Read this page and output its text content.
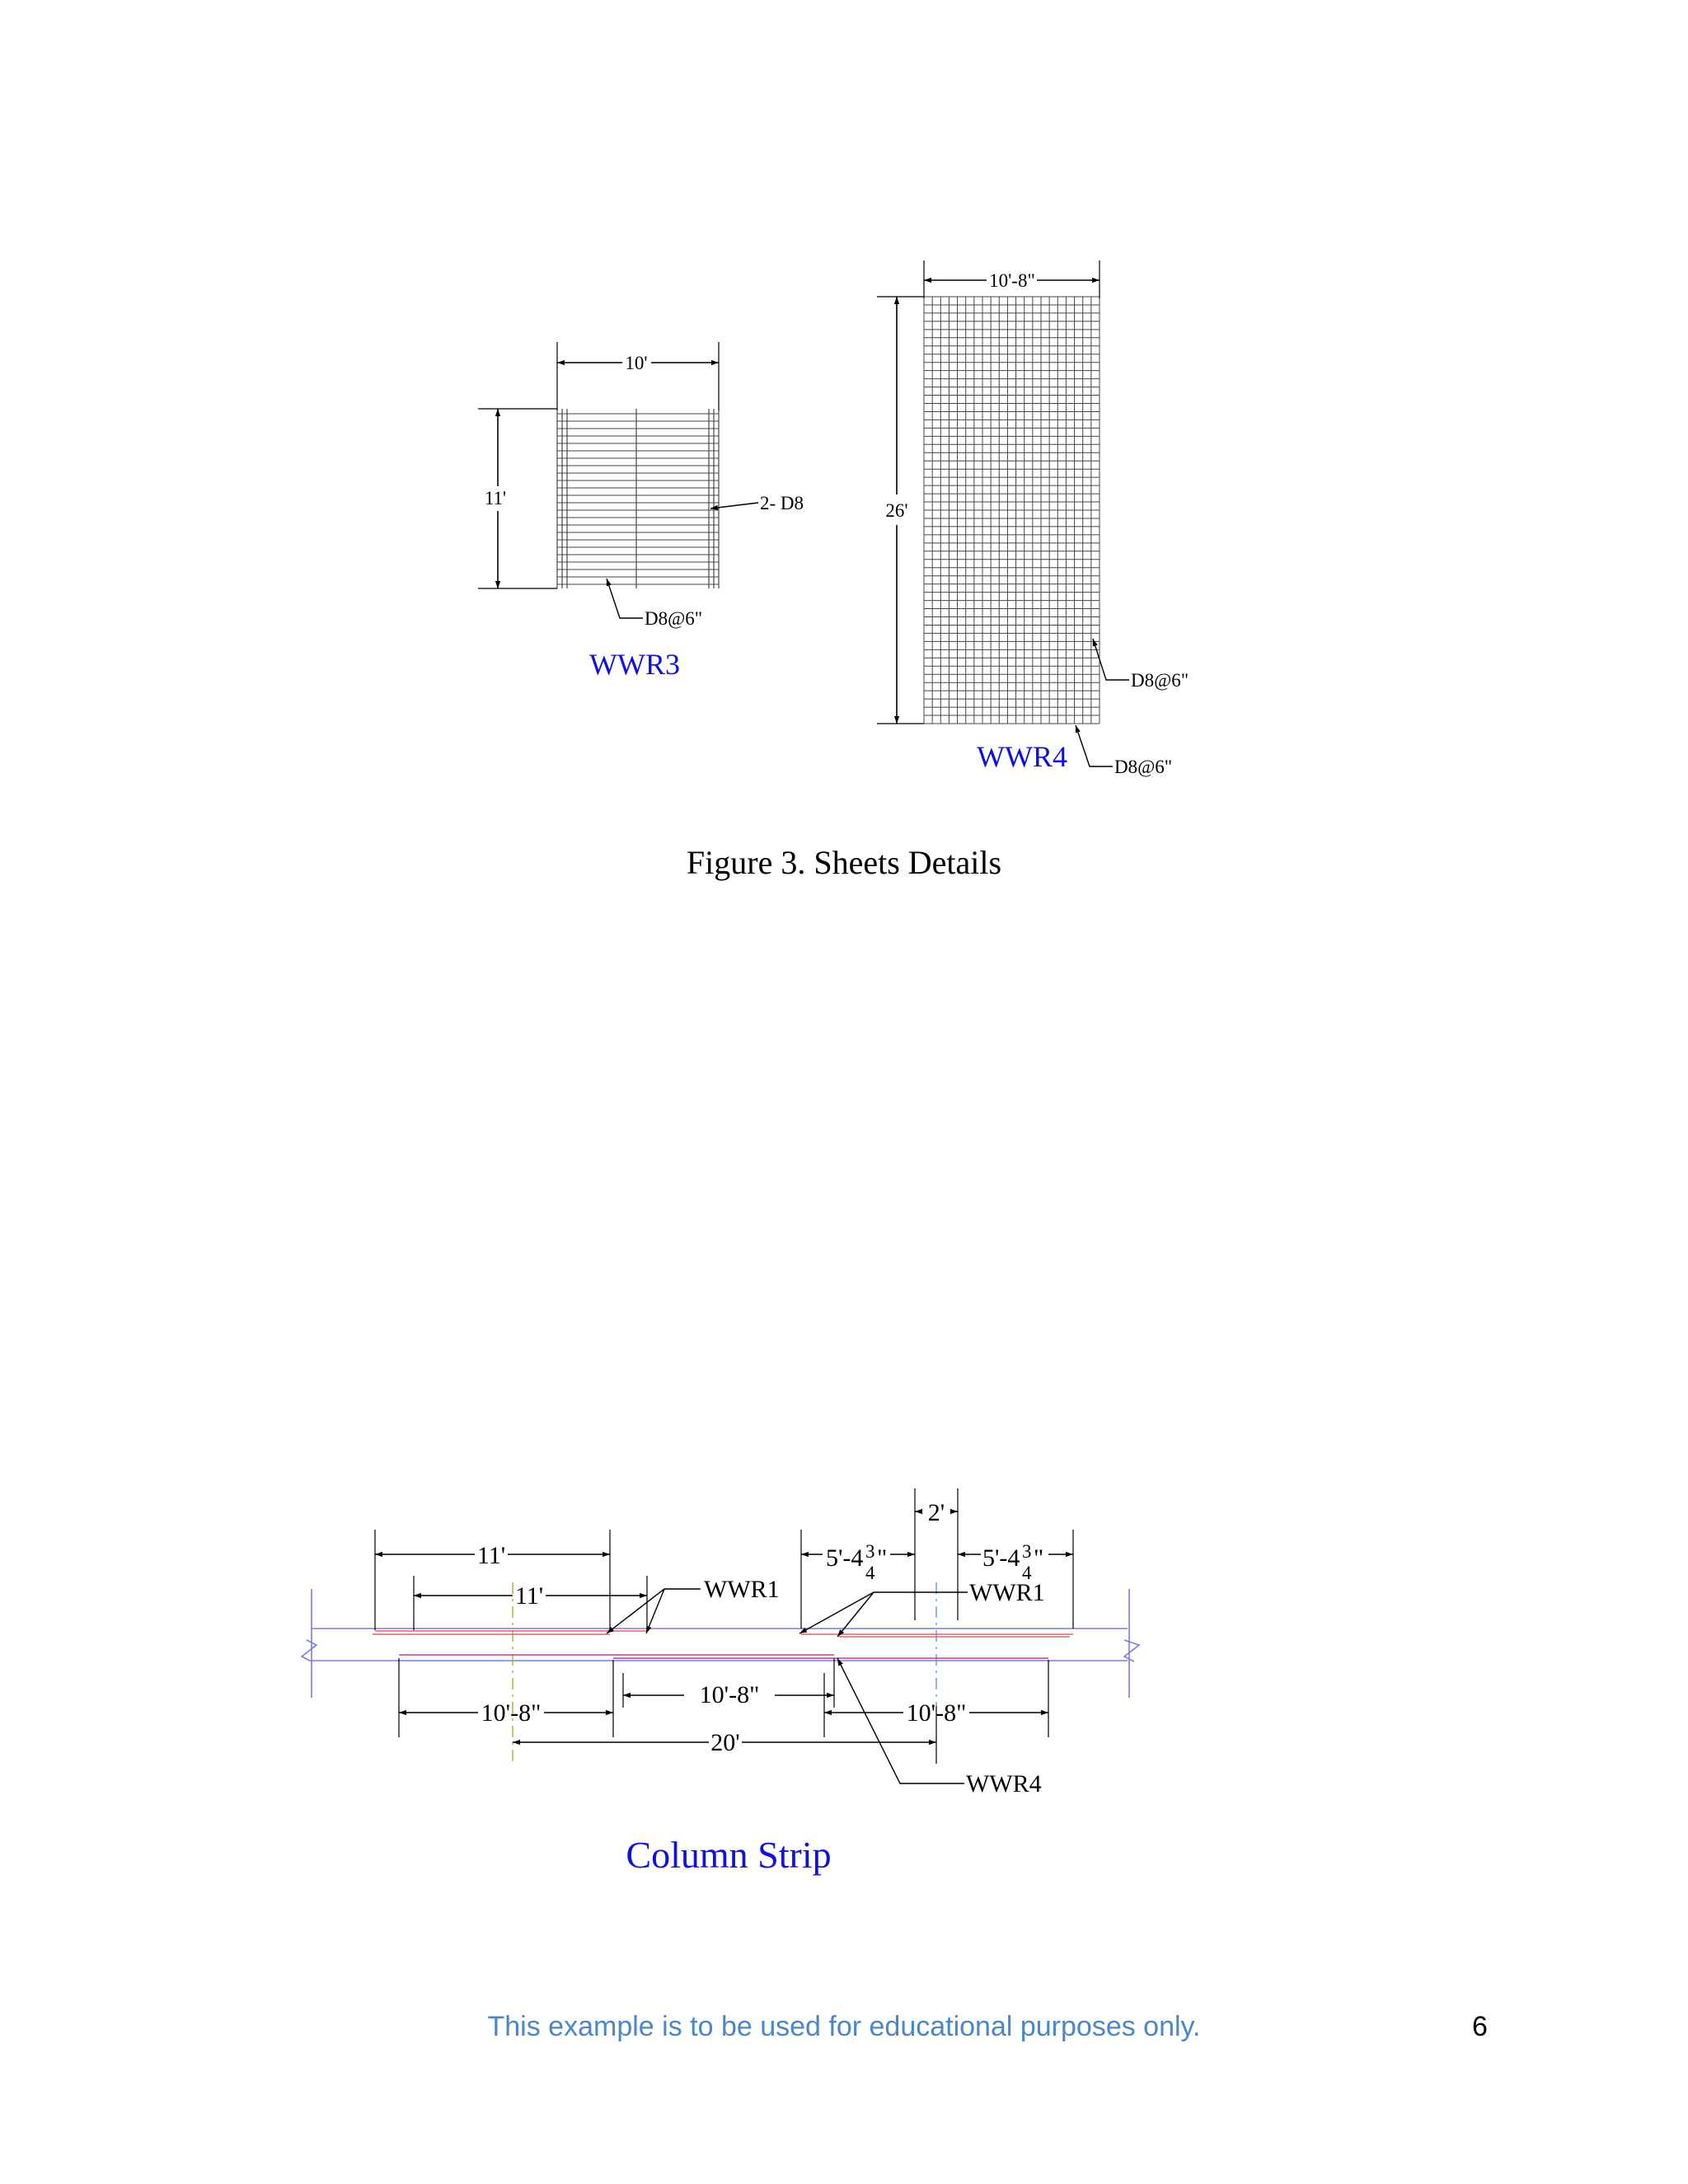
10'
11'	2- D8
D8@6"
WWR3
10'-8"
26'
D8@6"
D8@6"
WWR4
11'
11'
5'-4 3
4
"
2'
5'-4 3
4
"
WWR1	WWR1
10'-8"
10'-8"
10'-8"
20'
WWR4
Column Strip
Figure 3. Sheets Details
This example is to be used for educational purposes only.	6
